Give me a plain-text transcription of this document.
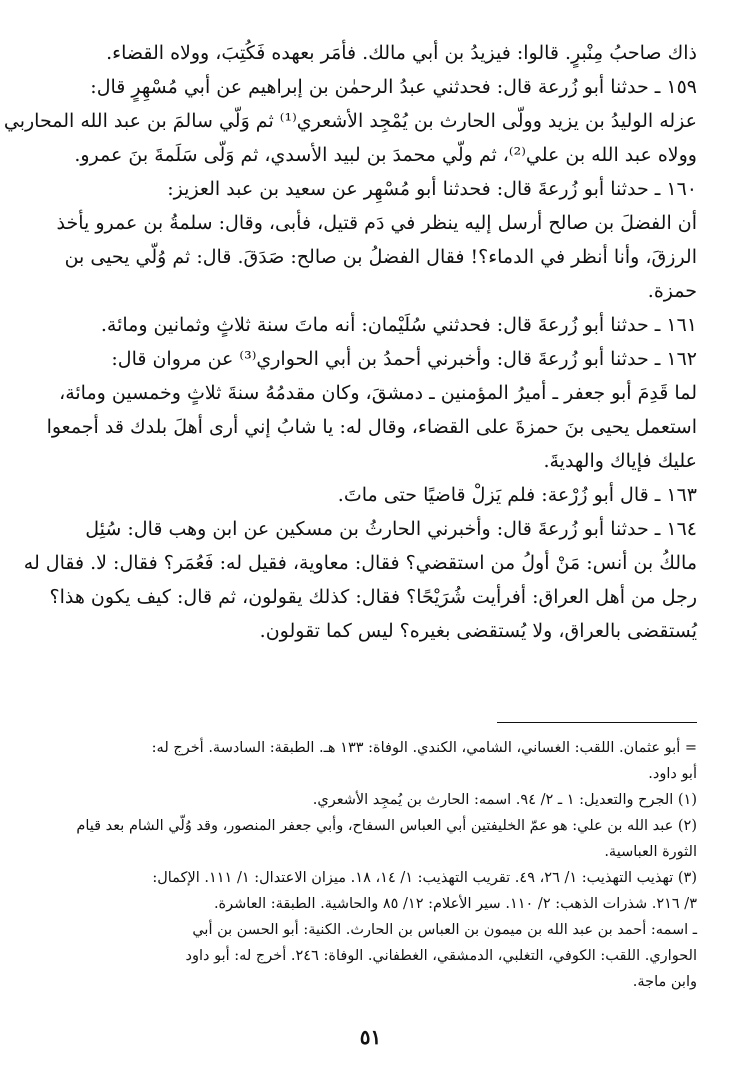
ذاك صاحبُ مِنْبرٍ. قالوا: فيزيدُ بن أبي مالك. فأمَر بعهده فَكُتِبَ، وولاه القضاء.

١٥٩ ـ حدثنا أبو زُرعة قال: فحدثني عبدُ الرحمٰن بن إبراهيم عن أبي مُسْهِرٍ قال:

عزله الوليدُ بن يزيد وولّى الحارث بن يُمْجِد الأشعري⁽¹⁾ ثم وَلّي سالمَ بن عبد الله المحاربي

وولاه عبد الله بن علي⁽²⁾، ثم ولّي محمدَ بن لبيد الأسدي، ثم وَلّى سَلَمةَ بنَ عمرو.

١٦٠ ـ حدثنا أبو زُرعةَ قال: فحدثنا أبو مُسْهِر عن سعيد بن عبد العزيز:

أن الفضلَ بن صالح أرسل إليه ينظر في دَم قتيل، فأبى، وقال: سلمةُ بن عمرو يأخذ

الرزقَ، وأنا أنظر في الدماء؟! فقال الفضلُ بن صالح: صَدَقَ. قال: ثم وُلّي يحيى بن

حمزة.

١٦١ ـ حدثنا أبو زُرعةَ قال: فحدثني سُلَيْمان: أنه ماتَ سنة ثلاثٍ وثمانين ومائة.

١٦٢ ـ حدثنا أبو زُرعةَ قال: وأخبرني أحمدُ بن أبي الحواري⁽³⁾ عن مروان قال:

لما قَدِمَ أبو جعفر ـ أميرُ المؤمنين ـ دمشقَ، وكان مقدمُهُ سنةَ ثلاثٍ وخمسين ومائة،

استعمل يحيى بنَ حمزةَ على القضاء، وقال له: يا شابُ إني أرى أهلَ بلدك قد أجمعوا

عليك فإياك والهديةَ.

١٦٣ ـ قال أبو زُرْعة: فلم يَزلْ قاضيًا حتى ماتَ.

١٦٤ ـ حدثنا أبو زُرعةَ قال: وأخبرني الحارثُ بن مسكين عن ابن وهب قال: سُئِل

مالكُ بن أنس: مَنْ أولُ من استقضي؟ فقال: معاوية، فقيل له: فَعُمَر؟ فقال: لا. فقال له

رجل من أهل العراق: أفرأيت شُرَيْحًا؟ فقال: كذلك يقولون، ثم قال: كيف يكون هذا؟

يُستقضى بالعراق، ولا يُستقضى بغيره؟ ليس كما تقولون.

= أبو عثمان. اللقب: الغساني، الشامي، الكندي. الوفاة: ١٣٣ هـ. الطبقة: السادسة. أخرج له:

أبو داود.

(١) الجرح والتعديل: ١ ـ ٢/ ٩٤. اسمه: الحارث بن يُمجِد الأشعري.

(٢) عبد الله بن علي: هو عمّ الخليفتين أبي العباس السفاح، وأبي جعفر المنصور، وقد وُلّي الشام بعد قيام

الثورة العباسية.

(٣) تهذيب التهذيب: ١/ ٢٦، ٤٩. تقريب التهذيب: ١/ ١٤، ١٨. ميزان الاعتدال: ١/ ١١١. الإكمال:

٣/ ٢١٦. شذرات الذهب: ٢/ ١١٠. سير الأعلام: ١٢/ ٨٥ والحاشية. الطبقة: العاشرة.

ـ اسمه: أحمد بن عبد الله بن ميمون بن العباس بن الحارث. الكنية: أبو الحسن بن أبي

الحواري. اللقب: الكوفي، التغلبي، الدمشقي، الغطفاني. الوفاة: ٢٤٦. أخرج له: أبو داود

وابن ماجة.

٥١
